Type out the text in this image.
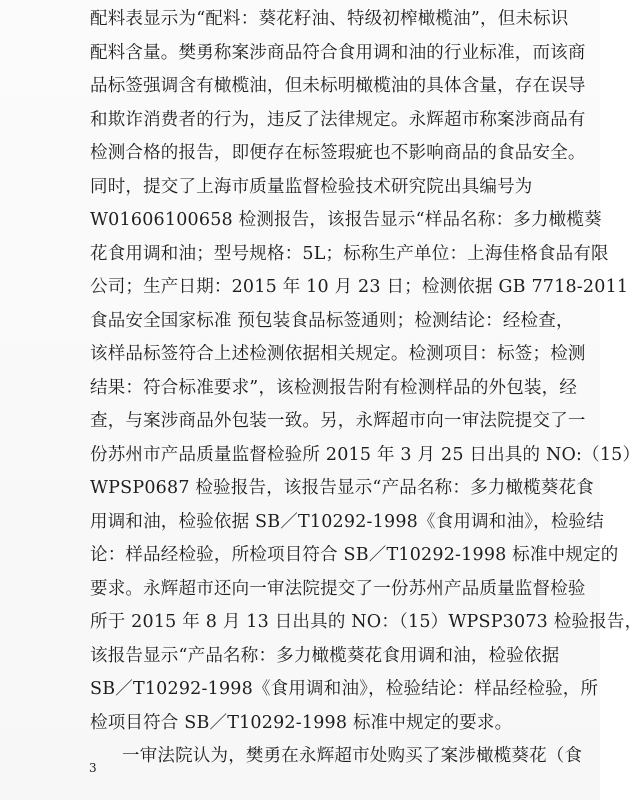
配料表显示为“配料：葵花籽油、特级初榨橄榄油”，但未标识
配料含量。樊勇称案涉商品符合食用调和油的行业标准，而该商
品标签强调含有橄榄油，但未标明橄榄油的具体含量，存在误导
和欺诈消费者的行为，违反了法律规定。永辉超市称案涉商品有
检测合格的报告，即便存在标签瑕疵也不影响商品的食品安全。
同时，提交了上海市质量监督检验技术研究院出具编号为
W01606100658 检测报告，该报告显示“样品名称：多力橄榄葵
花食用调和油；型号规格：5L；标称生产单位：上海佳格食品有限
公司；生产日期：2015 年 10 月 23 日；检测依据 GB 7718-2011
食品安全国家标准 预包装食品标签通则；检测结论：经检查，
该样品标签符合上述检测依据相关规定。检测项目：标签；检测
结果：符合标准要求”，该检测报告附有检测样品的外包装，经
查，与案涉商品外包装一致。另，永辉超市向一审法院提交了一
份苏州市产品质量监督检验所 2015 年 3 月 25 日出具的 NO:（15）
WPSP0687 检验报告，该报告显示“产品名称：多力橄榄葵花食
用调和油，检验依据 SB／T10292-1998《食用调和油》，检验结
论：样品经检验，所检项目符合 SB／T10292-1998 标准中规定的
要求。永辉超市还向一审法院提交了一份苏州产品质量监督检验
所于 2015 年 8 月 13 日出具的 NO：（15）WPSP3073 检验报告，
该报告显示“产品名称：多力橄榄葵花食用调和油，检验依据
SB／T10292-1998《食用调和油》，检验结论：样品经检验，所
检项目符合 SB／T10292-1998 标准中规定的要求。
一审法院认为，樊勇在永辉超市处购买了案涉橄榄葵花（食
3
